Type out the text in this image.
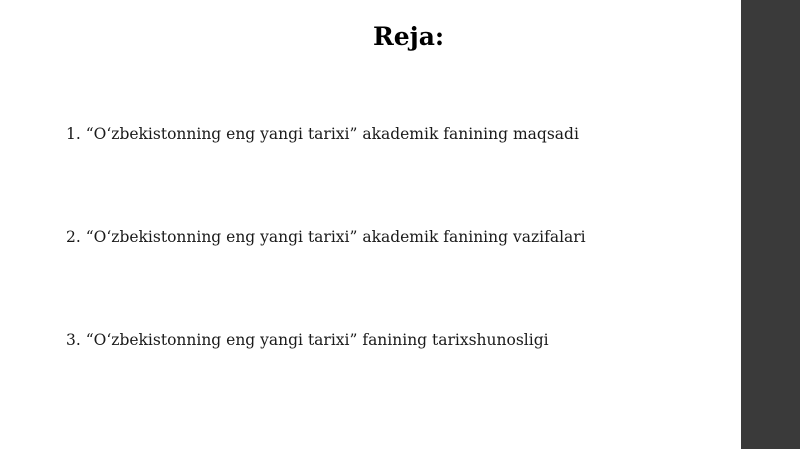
Reja:

1. “O‘zbekistonning eng yangi tarixi” akademik fanining maqsadi

2. “O‘zbekistonning eng yangi tarixi” akademik fanining vazifalari

3. “O‘zbekistonning eng yangi tarixi” fanining tarixshunosligi
